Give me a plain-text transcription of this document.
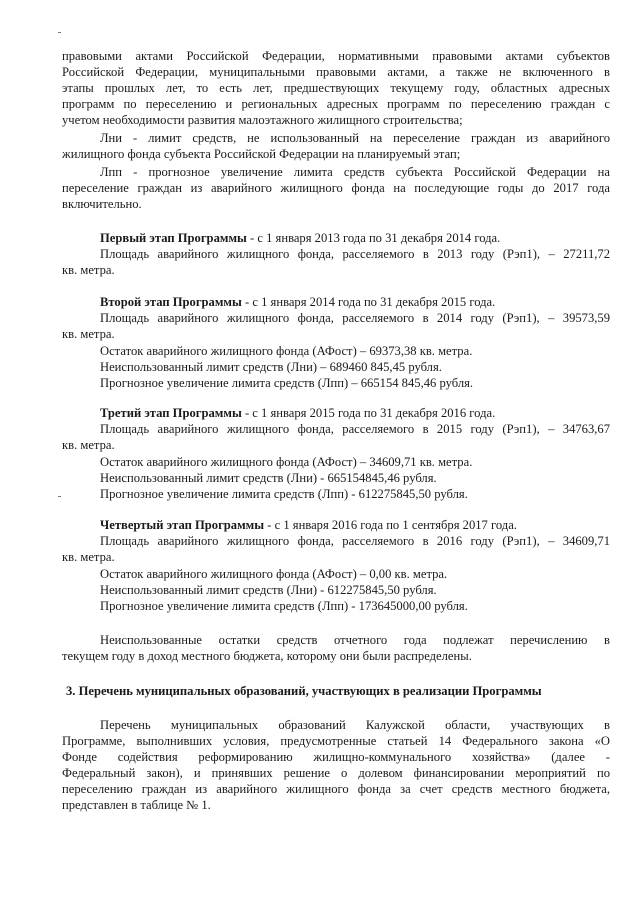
правовыми актами Российской Федерации, нормативными правовыми актами субъектов
Российской Федерации, муниципальными правовыми актами, а также не включенного в
этапы прошлых лет, то есть лет, предшествующих текущему году, областных адресных
программ по переселению и региональных адресных программ по переселению граждан с
учетом необходимости развития малоэтажного жилищного строительства;
Лни - лимит средств, не использованный на переселение граждан из аварийного
жилищного фонда субъекта Российской Федерации на планируемый этап;
Лпп - прогнозное увеличение лимита средств субъекта Российской Федерации на
переселение граждан из аварийного жилищного фонда на последующие годы до 2017 года
включительно.
Первый этап Программы - с 1 января 2013 года по 31 декабря 2014 года.
Площадь аварийного жилищного фонда, расселяемого в 2013 году (Рэп1), – 27211,72
кв. метра.
Второй этап Программы - с 1 января 2014 года по 31 декабря 2015 года.
Площадь аварийного жилищного фонда, расселяемого в 2014 году (Рэп1), – 39573,59
кв. метра.
Остаток аварийного жилищного фонда (АФост) – 69373,38 кв. метра.
Неиспользованный лимит средств (Лни) – 689460 845,45 рубля.
Прогнозное увеличение лимита средств (Лпп) – 665154 845,46 рубля.
Третий этап Программы - с 1 января 2015 года по 31 декабря 2016 года.
Площадь аварийного жилищного фонда, расселяемого в 2015 году (Рэп1), – 34763,67
кв. метра.
Остаток аварийного жилищного фонда (АФост) – 34609,71 кв. метра.
Неиспользованный лимит средств (Лни) - 665154845,46 рубля.
Прогнозное увеличение лимита средств (Лпп) - 612275845,50 рубля.
Четвертый этап Программы - с 1 января 2016 года по 1 сентября 2017 года.
Площадь аварийного жилищного фонда, расселяемого в 2016 году (Рэп1), – 34609,71
кв. метра.
Остаток аварийного жилищного фонда (АФост) – 0,00 кв. метра.
Неиспользованный лимит средств (Лни) - 612275845,50 рубля.
Прогнозное увеличение лимита средств (Лпп) - 173645000,00 рубля.
Неиспользованные остатки средств отчетного года подлежат перечислению в
текущем году в доход местного бюджета, которому они были распределены.
3. Перечень муниципальных образований, участвующих в реализации Программы
Перечень муниципальных образований Калужской области, участвующих в
Программе, выполнивших условия, предусмотренные статьей 14 Федерального закона «О
Фонде содействия реформированию жилищно-коммунального хозяйства» (далее -
Федеральный закон), и принявших решение о долевом финансировании мероприятий по
переселению граждан из аварийного жилищного фонда за счет средств местного бюджета,
представлен в таблице № 1.
